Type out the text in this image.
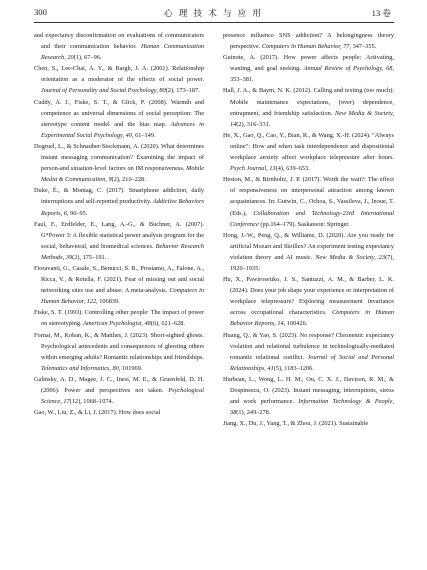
300	心 理 技 术 与 应 用	13 卷

and expectancy disconfirmation on evaluations of communicators and their communication behavior. Human Communication Research, 20(1), 67–96.

Chen, S., Lee-Chai, A. Y., & Bargh, J. A. (2001). Relationship orientation as a moderator of the effects of social power. Journal of Personality and Social Psychology, 80(2), 173–187.

Cuddy, A. J., Fiske, S. T., & Glick, P. (2008). Warmth and competence as universal dimensions of social perception: The stereotype content model and the bias map. Advances in Experimental Social Psychology, 40, 61–149.

Dogruel, L., & Schnauber-Stockmann, A. (2020). What determines instant messaging communication? Examining the impact of person-and situation-level factors on IM responsiveness. Mobile Media & Communication, 9(2), 210–228.

Duke, É., & Montag, C. (2017). Smartphone addiction, daily interruptions and self-reported productivity. Addictive Behaviors Reports, 6, 90–95.

Faul, F., Erdfelder, E., Lang, A.-G., & Buchner, A. (2007). G*Power 3: A flexible statistical power analysis program for the social, behavioral, and biomedical sciences. Behavior Research Methods, 39(2), 175–191.

Fioravanti, G., Casale, S., Benucci, S. B., Prostamo, A., Falone, A., Ricca, V., & Rotella, F. (2021). Fear of missing out and social networking sites use and abuse: A meta-analysis. Computers in Human Behavior, 122, 106839.

Fiske, S. T. (1993). Controlling other people: The impact of power on stereotyping. American Psychologist, 48(6), 621–628.

Fornai, M., Koban, K., & Matthes, J. (2023). Short-sighted ghosts. Psychological antecedents and consequences of ghosting others within emerging adults? Romantic relationships and friendships. Telematics and Informatics, 80, 101969.

Galinsky, A. D., Magee, J. C., Inesi, M. E., & Gruenfeld, D. H. (2006). Power and perspectives not taken. Psychological Science, 17(12), 1068–1074.

Gao, W., Liu, Z., & Li, J. (2017). How does social

presence influence SNS addiction? A belongingness theory perspective. Computers in Human Behavior, 77, 347–355.

Guinote, A. (2017). How power affects people: Activating, wanting, and goal seeking. Annual Review of Psychology, 68, 353–381.

Hall, J. A., & Baym, N. K. (2012). Calling and texting (too much): Mobile maintenance expectations, (over) dependence, entrapment, and friendship satisfaction. New Media & Society, 14(2), 316–331.

He, X., Gao, Q., Cao, Y., Bian, R., & Wang, X.-H. (2024). "Always online": How and when task interdependence and dispositional workplace anxiety affect workplace telepressure after hours. Psych Journal, 13(4), 639–653.

Heston, M., & Birnholtz, J. P. (2017). Worth the wait?: The effect of responsiveness on interpersonal attraction among known acquaintances. In: Gutwin, C., Ochoa, S., Vassileva, J., Inoue, T. (Eds.), Collaboration and Technology-23rd International Conference (pp.164–179). Saskatoon: Springer.

Hong, J.-W., Peng, Q., & Williams, D. (2020). Are you ready for artificial Mozart and Skrillex? An experiment testing expectancy violation theory and AI music. New Media & Society, 23(7), 1920–1935.

Hu, X., Pawirosetiko, J. S., Santuzzi, A. M., & Barber, L. K. (2024). Does your job shape your experience or interpretation of workplace telepressure? Exploring measurement invariance across occupational characteristics. Computers in Human Behavior Reports, 14, 100426.

Huang, Q., & Yao, S. (2023). No response? Chronemic expectancy violation and relational turbulence in technologically-mediated romantic relational conflict. Journal of Social and Personal Relationships, 41(5), 1183–1206.

Hurbean, L., Wong, L. H. M., Ou, C. X. J., Davison, R. M., & Dospinescu, O. (2023). Instant messaging, interruptions, stress and work performance. Information Technology & People, 38(1), 249–278.

Jiang, X., Du, J., Yang, T., & Zhou, J. (2021). Sustainable
